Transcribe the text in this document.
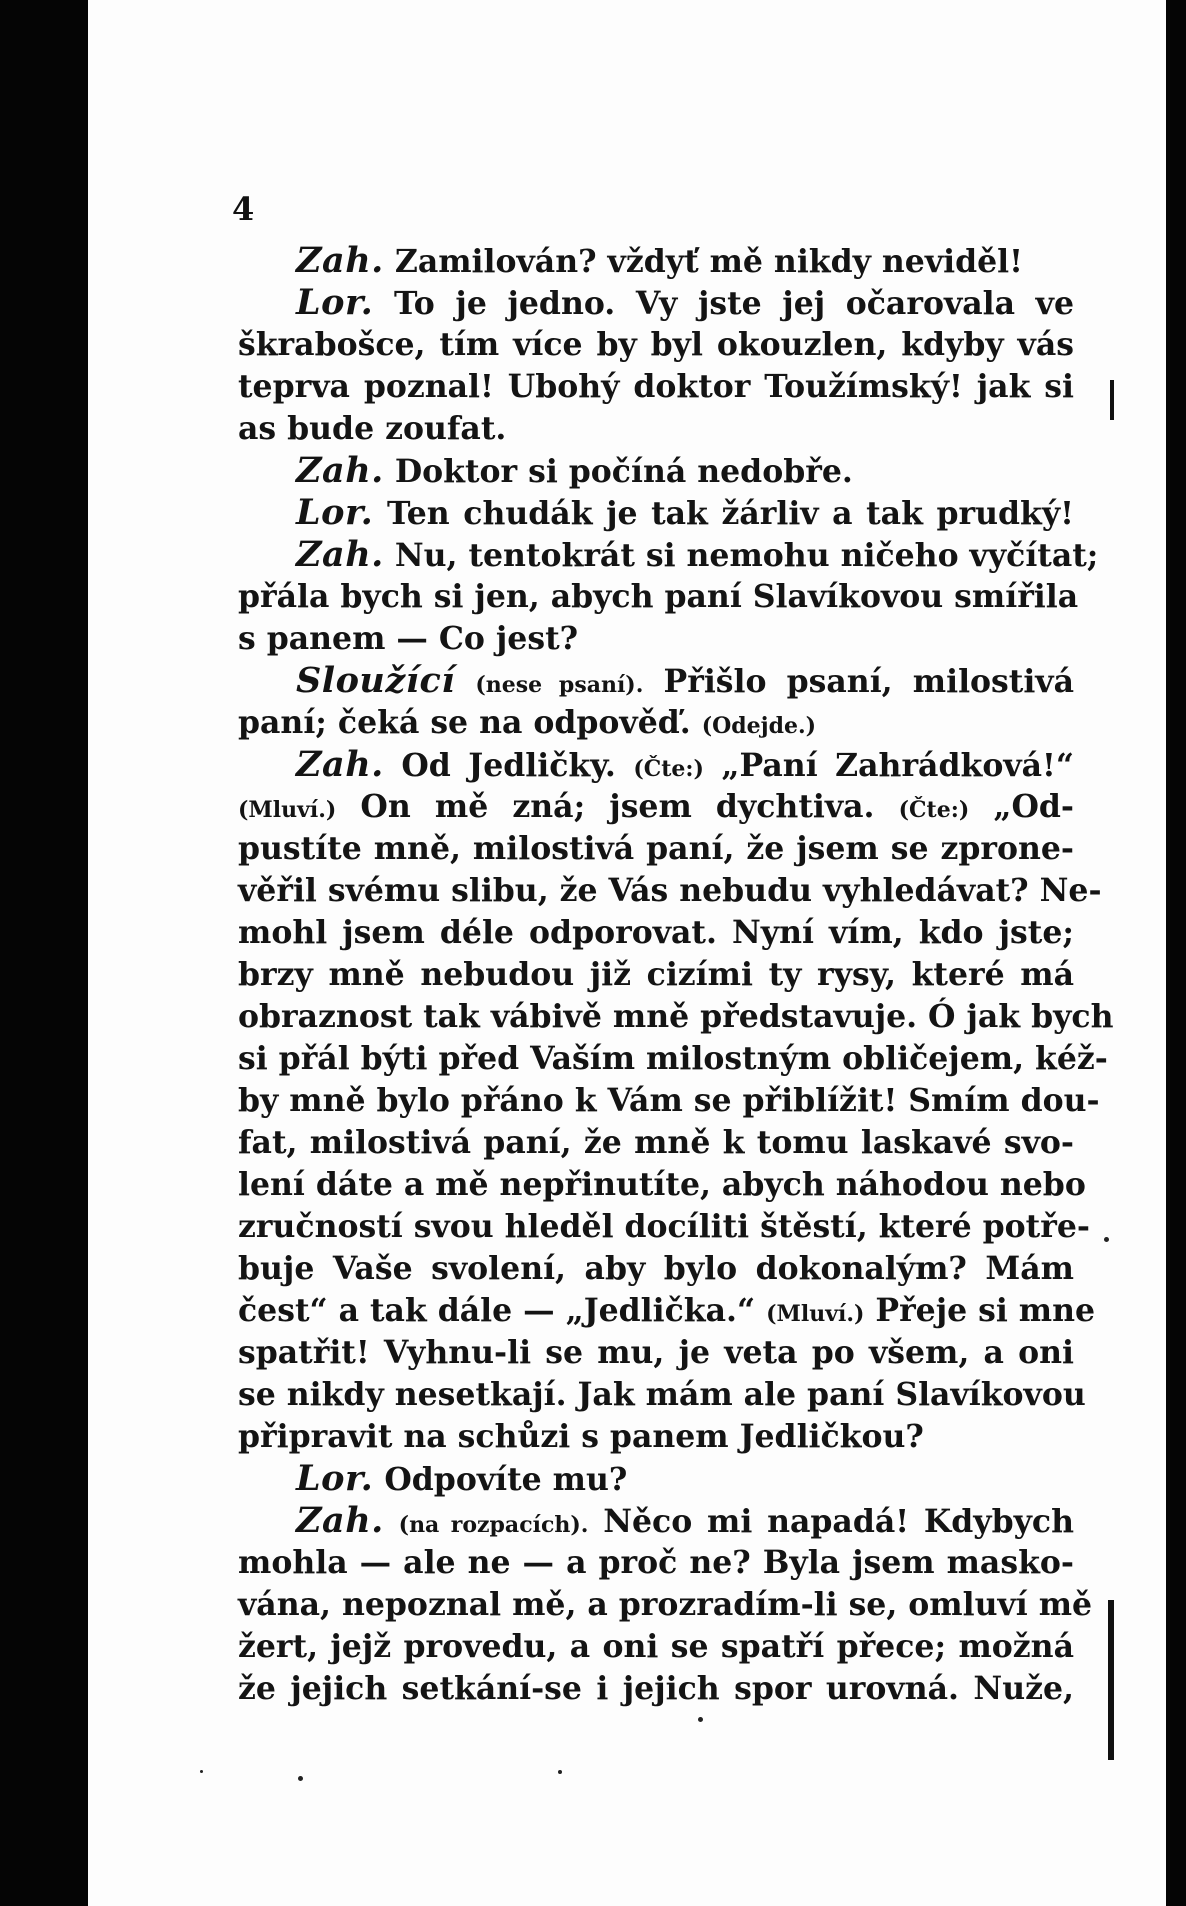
4
Zah. Zamilován? vždyť mě nikdy neviděl!
Lor. To je jedno. Vy jste jej očarovala ve
škrabošce, tím více by byl okouzlen, kdyby vás
teprva poznal! Ubohý doktor Toužímský! jak si
as bude zoufat.
Zah. Doktor si počíná nedobře.
Lor. Ten chudák je tak žárliv a tak prudký!
Zah. Nu, tentokrát si nemohu ničeho vyčítat;
přála bych si jen, abych paní Slavíkovou smířila
s panem — Co jest?
Sloužící (nese psaní). Přišlo psaní, milostivá
paní; čeká se na odpověď. (Odejde.)
Zah. Od Jedličky. (Čte:) „Paní Zahrádková!“
(Mluví.) On mě zná; jsem dychtiva. (Čte:) „Od-
pustíte mně, milostivá paní, že jsem se zprone-
věřil svému slibu, že Vás nebudu vyhledávat? Ne-
mohl jsem déle odporovat. Nyní vím, kdo jste;
brzy mně nebudou již cizími ty rysy, které má
obraznost tak vábivě mně představuje. Ó jak bych
si přál býti před Vaším milostným obličejem, kéž-
by mně bylo přáno k Vám se přiblížit! Smím dou-
fat, milostivá paní, že mně k tomu laskavé svo-
lení dáte a mě nepřinutíte, abych náhodou nebo
zručností svou hleděl docíliti štěstí, které potře-
buje Vaše svolení, aby bylo dokonalým? Mám
čest“ a tak dále — „Jedlička.“ (Mluví.) Přeje si mne
spatřit! Vyhnu-li se mu, je veta po všem, a oni
se nikdy nesetkají. Jak mám ale paní Slavíkovou
připravit na schůzi s panem Jedličkou?
Lor. Odpovíte mu?
Zah. (na rozpacích). Něco mi napadá! Kdybych
mohla — ale ne — a proč ne? Byla jsem masko-
vána, nepoznal mě, a prozradím-li se, omluví mě
žert, jejž provedu, a oni se spatří přece; možná
že jejich setkání-se i jejich spor urovná. Nuže,
